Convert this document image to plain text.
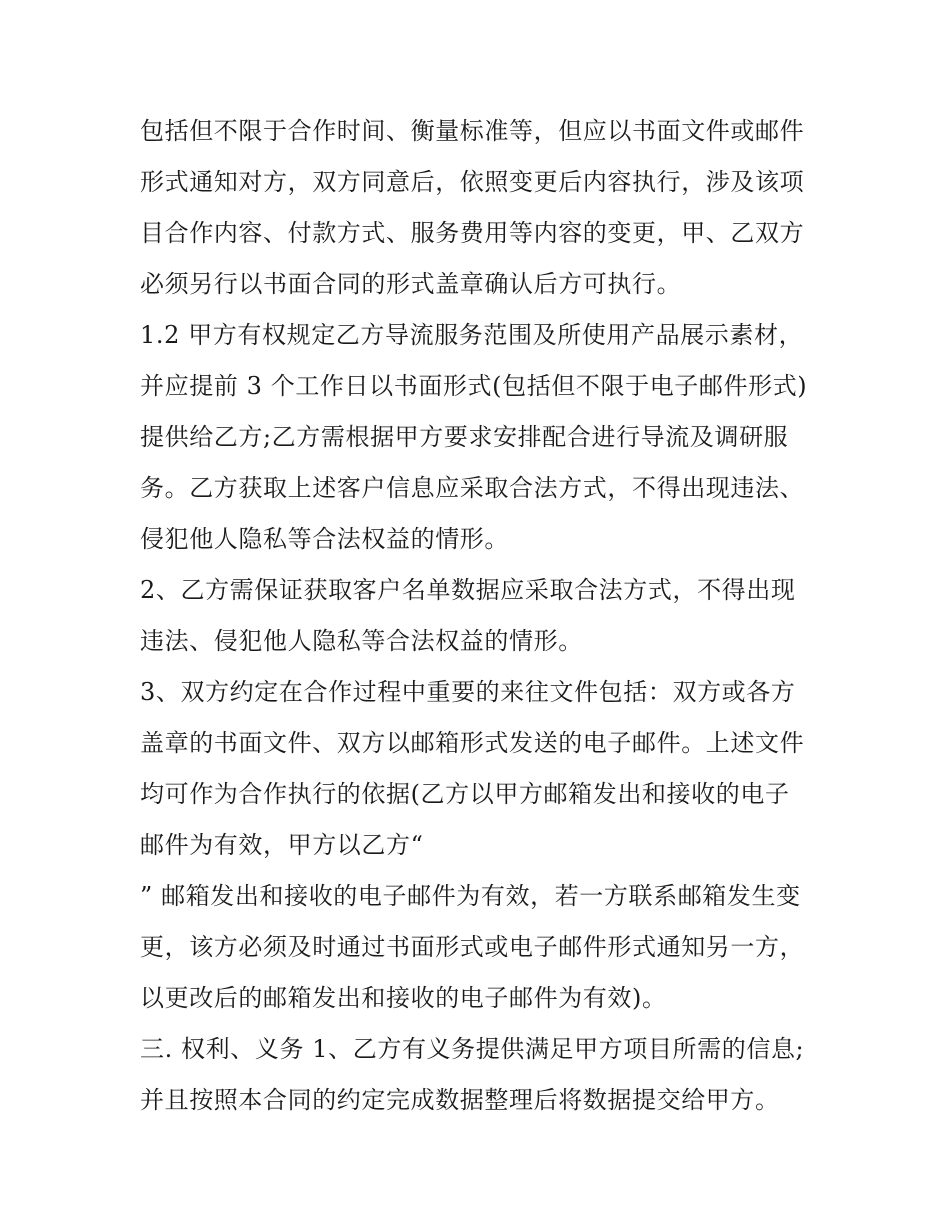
包括但不限于合作时间、衡量标准等，但应以书面文件或邮件
形式通知对方，双方同意后，依照变更后内容执行，涉及该项
目合作内容、付款方式、服务费用等内容的变更，甲、乙双方
必须另行以书面合同的形式盖章确认后方可执行。
1.2 甲方有权规定乙方导流服务范围及所使用产品展示素材，
并应提前 3 个工作日以书面形式(包括但不限于电子邮件形式)
提供给乙方;乙方需根据甲方要求安排配合进行导流及调研服
务。乙方获取上述客户信息应采取合法方式，不得出现违法、
侵犯他人隐私等合法权益的情形。
2、乙方需保证获取客户名单数据应采取合法方式，不得出现
违法、侵犯他人隐私等合法权益的情形。
3、双方约定在合作过程中重要的来往文件包括：双方或各方
盖章的书面文件、双方以邮箱形式发送的电子邮件。上述文件
均可作为合作执行的依据(乙方以甲方邮箱发出和接收的电子
邮件为有效，甲方以乙方“
” 邮箱发出和接收的电子邮件为有效，若一方联系邮箱发生变
更，该方必须及时通过书面形式或电子邮件形式通知另一方，
以更改后的邮箱发出和接收的电子邮件为有效)。
三. 权利、义务 1、乙方有义务提供满足甲方项目所需的信息;
并且按照本合同的约定完成数据整理后将数据提交给甲方。
